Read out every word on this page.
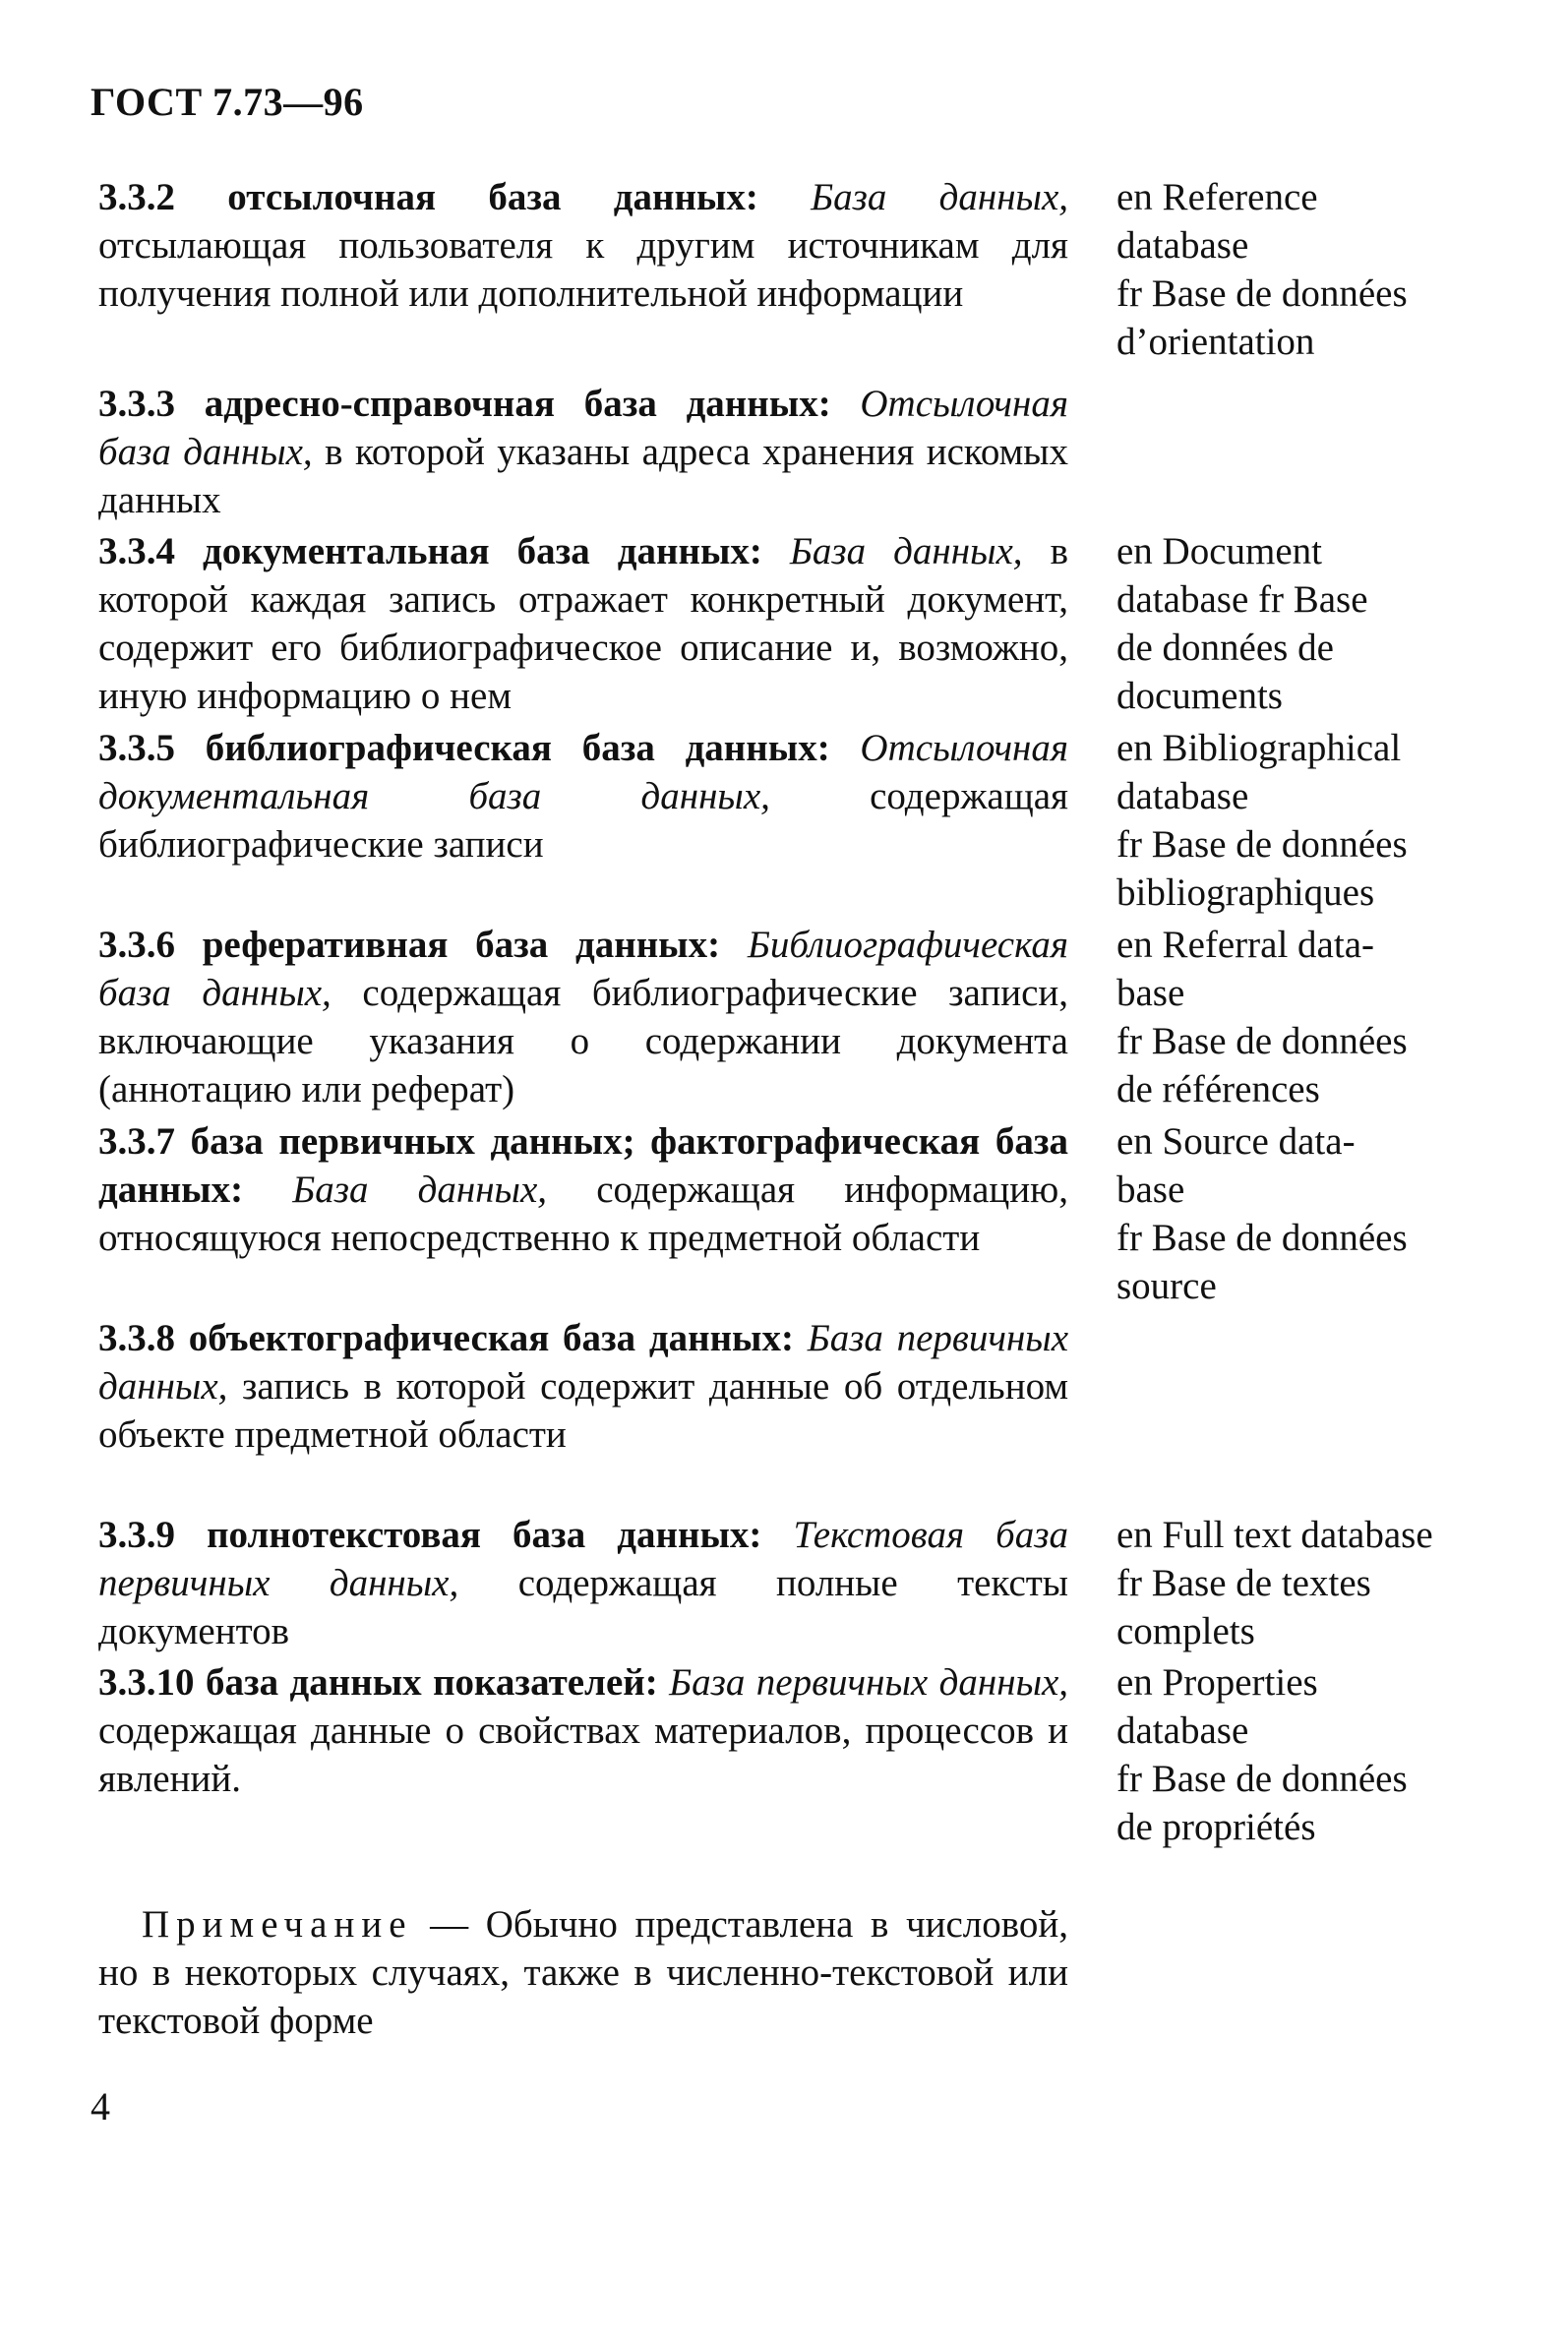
ГОСТ 7.73—96

3.3.2 отсылочная база данных: База данных, отсылающая пользователя к другим источникам для получения полной или дополнительной информации

en Reference
database
fr Base de données
d’orientation

3.3.3 адресно-справочная база данных: Отсылочная база данных, в которой указаны адреса хранения искомых данных

3.3.4 документальная база данных: База данных, в которой каждая запись отражает конкретный документ, содержит его библиографическое описание и, возможно, иную информацию о нем

en Document
database fr Base
de données de
documents

3.3.5 библиографическая база данных: Отсылочная документальная база данных,	содержащая библиографические записи

en Bibliographical
database
fr Base de données
bibliographiques

3.3.6 реферативная база данных: Библиографическая база данных, содержащая библиографические записи, включающие указания о содержании документа (аннотацию или реферат)

en Referral data-
base
fr Base de données
de références

3.3.7 база первичных данных; фактографическая база данных: База данных, содержащая информацию, относящуюся непосредственно к предметной области

en Source data-
base
fr Base de données
source

3.3.8 объектографическая база данных: База первичных данных, запись в которой содержит данные об отдельном объекте предметной области

3.3.9 полнотекстовая база данных: Текстовая база первичных данных, содержащая полные тексты документов

en Full text database
fr Base de textes
complets

3.3.10 база данных показателей: База первичных данных, содержащая данные о свойствах материалов, процессов и явлений.

en Properties
database
fr Base de données
de propriétés

Примечание — Обычно представлена в числовой, но в некоторых случаях, также в численно-текстовой или текстовой форме

4
